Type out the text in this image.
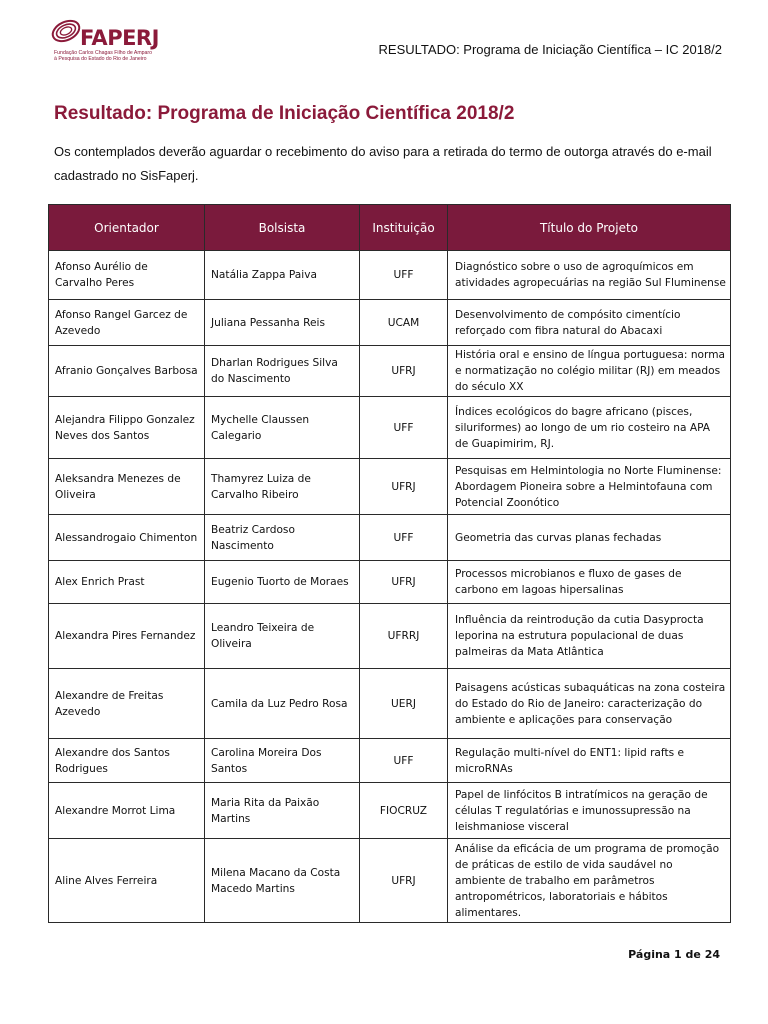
FAPERJ
Fundação Carlos Chagas Filho de Amparo
à Pesquisa do Estado do Rio de Janeiro
RESULTADO: Programa de Iniciação Científica – IC 2018/2
Resultado: Programa de Iniciação Científica 2018/2

Os contemplados deverão aguardar o recebimento do aviso para a retirada do termo de outorga através do e-mail cadastrado no SisFaperj.

Orientador	Bolsista	Instituição	Título do Projeto
Afonso Aurélio de Carvalho Peres	Natália Zappa Paiva	UFF	Diagnóstico sobre o uso de agroquímicos em atividades agropecuárias na região Sul Fluminense
Afonso Rangel Garcez de Azevedo	Juliana Pessanha Reis	UCAM	Desenvolvimento de compósito cimentício reforçado com fibra natural do Abacaxi
Afranio Gonçalves Barbosa	Dharlan Rodrigues Silva do Nascimento	UFRJ	História oral e ensino de língua portuguesa: norma e normatização no colégio militar (RJ) em meados do século XX
Alejandra Filippo Gonzalez Neves dos Santos	Mychelle Claussen Calegario	UFF	Índices ecológicos do bagre africano (pisces, siluriformes) ao longo de um rio costeiro na APA de Guapimirim, RJ.
Aleksandra Menezes de Oliveira	Thamyrez Luiza de Carvalho Ribeiro	UFRJ	Pesquisas em Helmintologia no Norte Fluminense: Abordagem Pioneira sobre a Helmintofauna com Potencial Zoonótico
Alessandrogaio Chimenton	Beatriz Cardoso Nascimento	UFF	Geometria das curvas planas fechadas
Alex Enrich Prast	Eugenio Tuorto de Moraes	UFRJ	Processos microbianos e fluxo de gases de carbono em lagoas hipersalinas
Alexandra Pires Fernandez	Leandro Teixeira de Oliveira	UFRRJ	Influência da reintrodução da cutia Dasyprocta leporina na estrutura populacional de duas palmeiras da Mata Atlântica
Alexandre de Freitas Azevedo	Camila da Luz Pedro Rosa	UERJ	Paisagens acústicas subaquáticas na zona costeira do Estado do Rio de Janeiro: caracterização do ambiente e aplicações para conservação
Alexandre dos Santos Rodrigues	Carolina Moreira Dos Santos	UFF	Regulação multi-nível do ENT1: lipid rafts e microRNAs
Alexandre Morrot Lima	Maria Rita da Paixão Martins	FIOCRUZ	Papel de linfócitos B intratímicos na geração de células T regulatórias e imunossupressão na leishmaniose visceral
Aline Alves Ferreira	Milena Macano da Costa Macedo Martins	UFRJ	Análise da eficácia de um programa de promoção de práticas de estilo de vida saudável no ambiente de trabalho em parâmetros antropométricos, laboratoriais e hábitos alimentares.
Página 1 de 24
